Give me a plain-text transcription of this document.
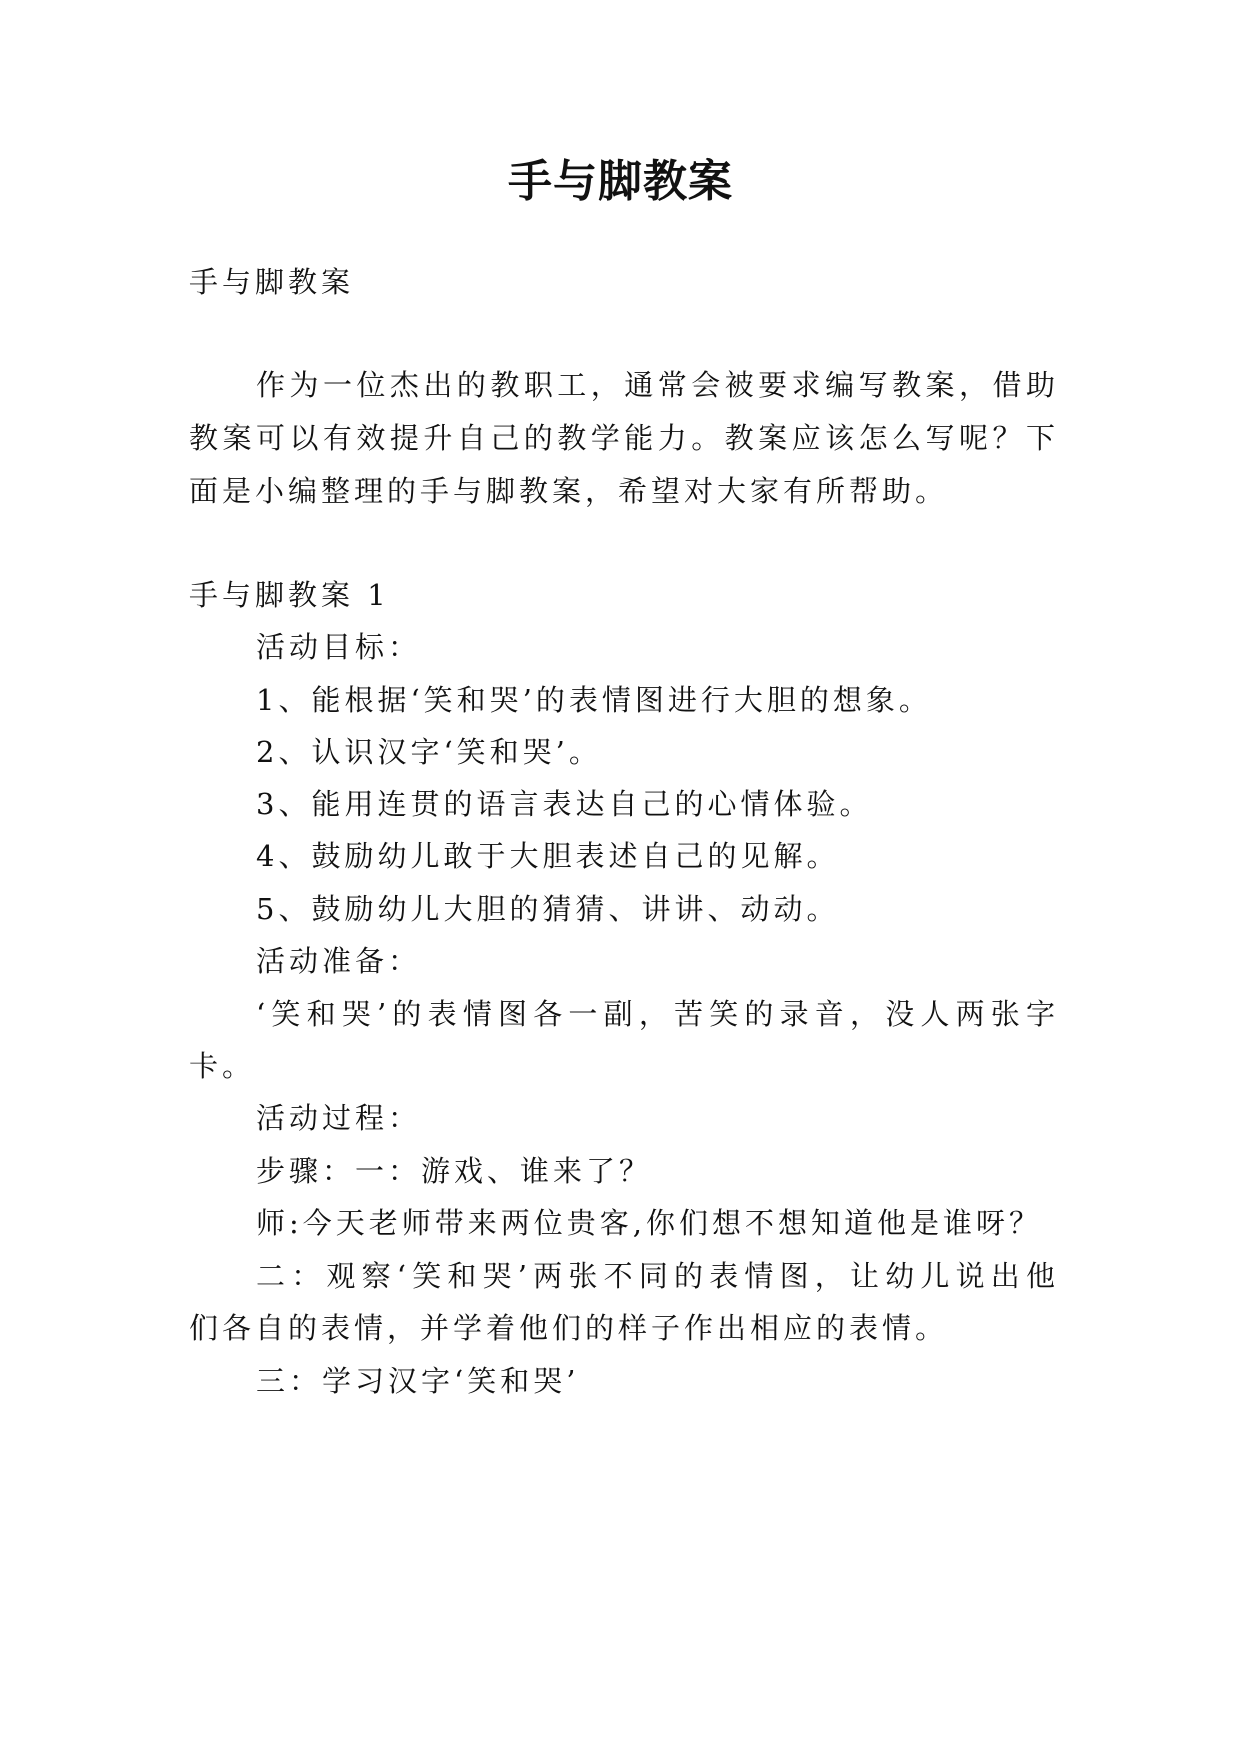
手与脚教案
手与脚教案
作为一位杰出的教职工，通常会被要求编写教案，借助
教案可以有效提升自己的教学能力。教案应该怎么写呢？下
面是小编整理的手与脚教案，希望对大家有所帮助。
手与脚教案 1
活动目标：
1、能根据‘笑和哭’的表情图进行大胆的想象。
2、认识汉字‘笑和哭’。
3、能用连贯的语言表达自己的心情体验。
4、鼓励幼儿敢于大胆表述自己的见解。
5、鼓励幼儿大胆的猜猜、讲讲、动动。
活动准备：
‘笑和哭’的表情图各一副，苦笑的录音，没人两张字
卡。
活动过程：
步骤：一：游戏、谁来了？
师:今天老师带来两位贵客,你们想不想知道他是谁呀？
二：观察‘笑和哭’两张不同的表情图，让幼儿说出他
们各自的表情，并学着他们的样子作出相应的表情。
三：学习汉字‘笑和哭’
